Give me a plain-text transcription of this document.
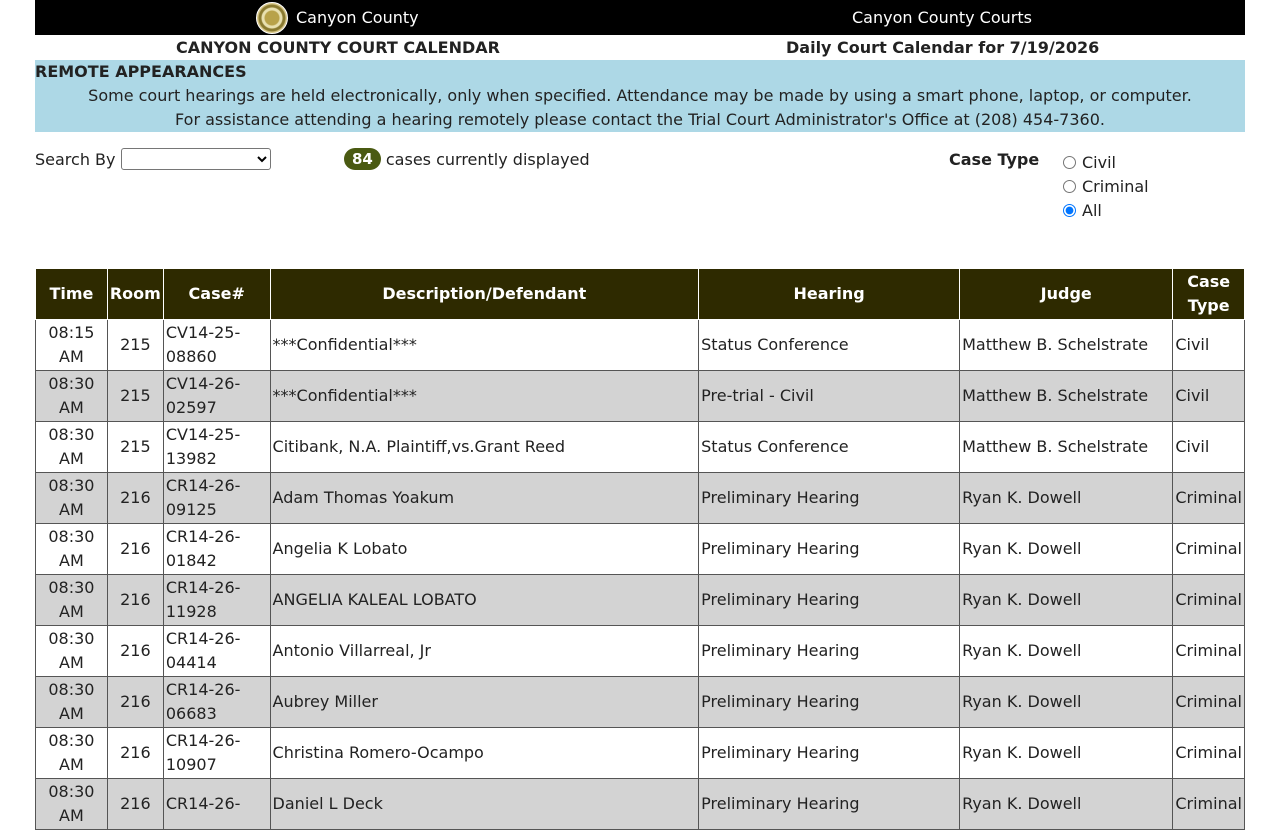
Canyon County	Canyon County Courts
CANYON COUNTY COURT CALENDAR	Daily Court Calendar for 7/19/2026
REMOTE APPEARANCES
Some court hearings are held electronically, only when specified. Attendance may be made by using a smart phone, laptop, or computer.
For assistance attending a hearing remotely please contact the Trial Court Administrator's Office at (208) 454-7360.
Search By	84 cases currently displayed	Case Type	Civil
Criminal
All
Time	Room	Case#	Description/Defendant	Hearing	Judge	Case Type
08:15 AM	215	CV14-25-08860	***Confidential***	Status Conference	Matthew B. Schelstrate	Civil
08:30 AM	215	CV14-26-02597	***Confidential***	Pre-trial - Civil	Matthew B. Schelstrate	Civil
08:30 AM	215	CV14-25-13982	Citibank, N.A. Plaintiff,vs.Grant Reed	Status Conference	Matthew B. Schelstrate	Civil
08:30 AM	216	CR14-26-09125	Adam Thomas Yoakum	Preliminary Hearing	Ryan K. Dowell	Criminal
08:30 AM	216	CR14-26-01842	Angelia K Lobato	Preliminary Hearing	Ryan K. Dowell	Criminal
08:30 AM	216	CR14-26-11928	ANGELIA KALEAL LOBATO	Preliminary Hearing	Ryan K. Dowell	Criminal
08:30 AM	216	CR14-26-04414	Antonio Villarreal, Jr	Preliminary Hearing	Ryan K. Dowell	Criminal
08:30 AM	216	CR14-26-06683	Aubrey Miller	Preliminary Hearing	Ryan K. Dowell	Criminal
08:30 AM	216	CR14-26-10907	Christina Romero-Ocampo	Preliminary Hearing	Ryan K. Dowell	Criminal
08:30 AM	216	CR14-26-	Daniel L Deck	Preliminary Hearing	Ryan K. Dowell	Criminal
